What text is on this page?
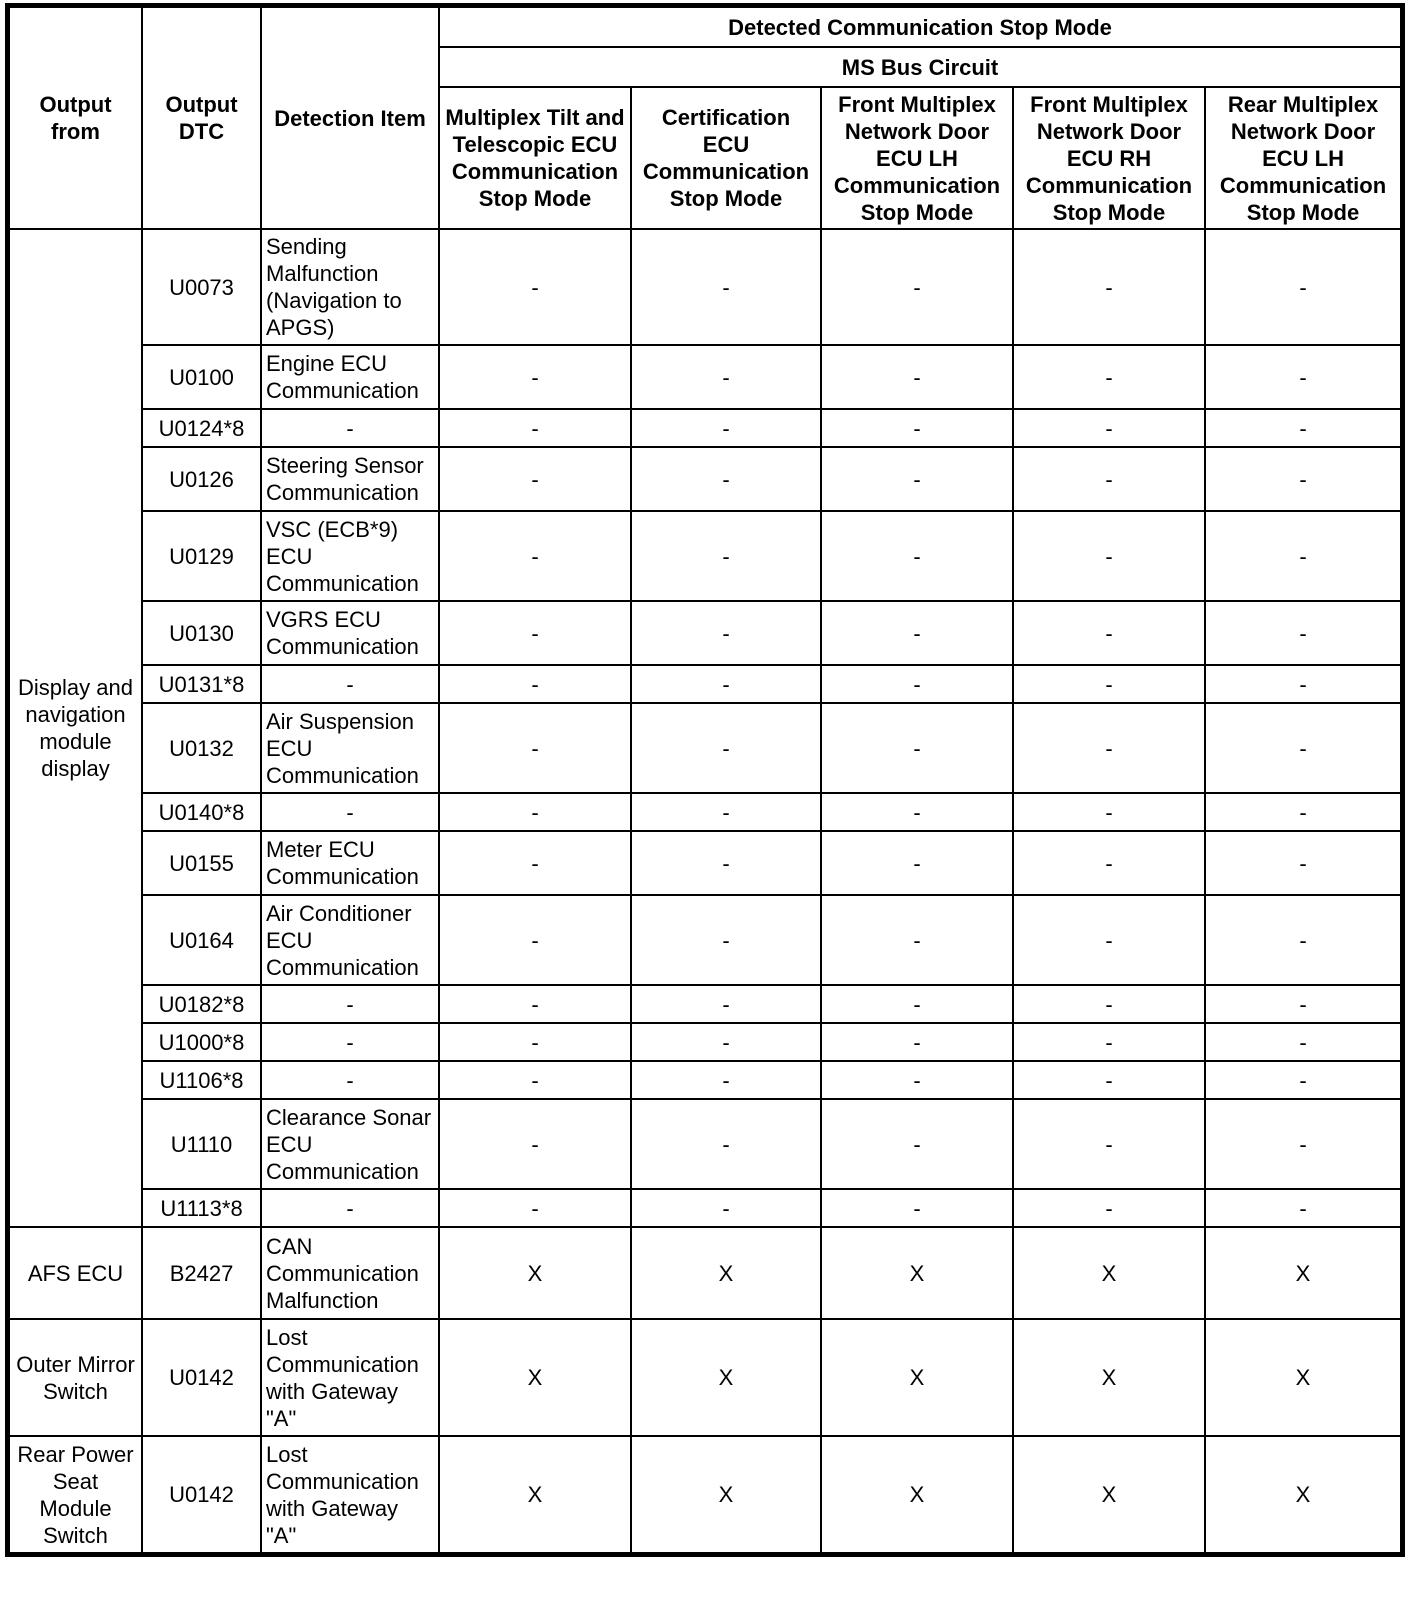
Output from	Output DTC	Detection Item	Detected Communication Stop Mode				
			MS Bus Circuit				
			Multiplex Tilt and Telescopic ECU Communication Stop Mode	Certification ECU Communication Stop Mode	Front Multiplex Network Door ECU LH Communication Stop Mode	Front Multiplex Network Door ECU RH Communication Stop Mode	Rear Multiplex Network Door ECU LH Communication Stop Mode
Display and navigation module display	U0073	Sending Malfunction (Navigation to APGS)	-	-	-	-	-
	U0100	Engine ECU Communication	-	-	-	-	-
	U0124*8	-	-	-	-	-	-
	U0126	Steering Sensor Communication	-	-	-	-	-
	U0129	VSC (ECB*9) ECU Communication	-	-	-	-	-
	U0130	VGRS ECU Communication	-	-	-	-	-
	U0131*8	-	-	-	-	-	-
	U0132	Air Suspension ECU Communication	-	-	-	-	-
	U0140*8	-	-	-	-	-	-
	U0155	Meter ECU Communication	-	-	-	-	-
	U0164	Air Conditioner ECU Communication	-	-	-	-	-
	U0182*8	-	-	-	-	-	-
	U1000*8	-	-	-	-	-	-
	U1106*8	-	-	-	-	-	-
	U1110	Clearance Sonar ECU Communication	-	-	-	-	-
	U1113*8	-	-	-	-	-	-
AFS ECU	B2427	CAN Communication Malfunction	X	X	X	X	X
Outer Mirror Switch	U0142	Lost Communication with Gateway "A"	X	X	X	X	X
Rear Power Seat Module Switch	U0142	Lost Communication with Gateway "A"	X	X	X	X	X
